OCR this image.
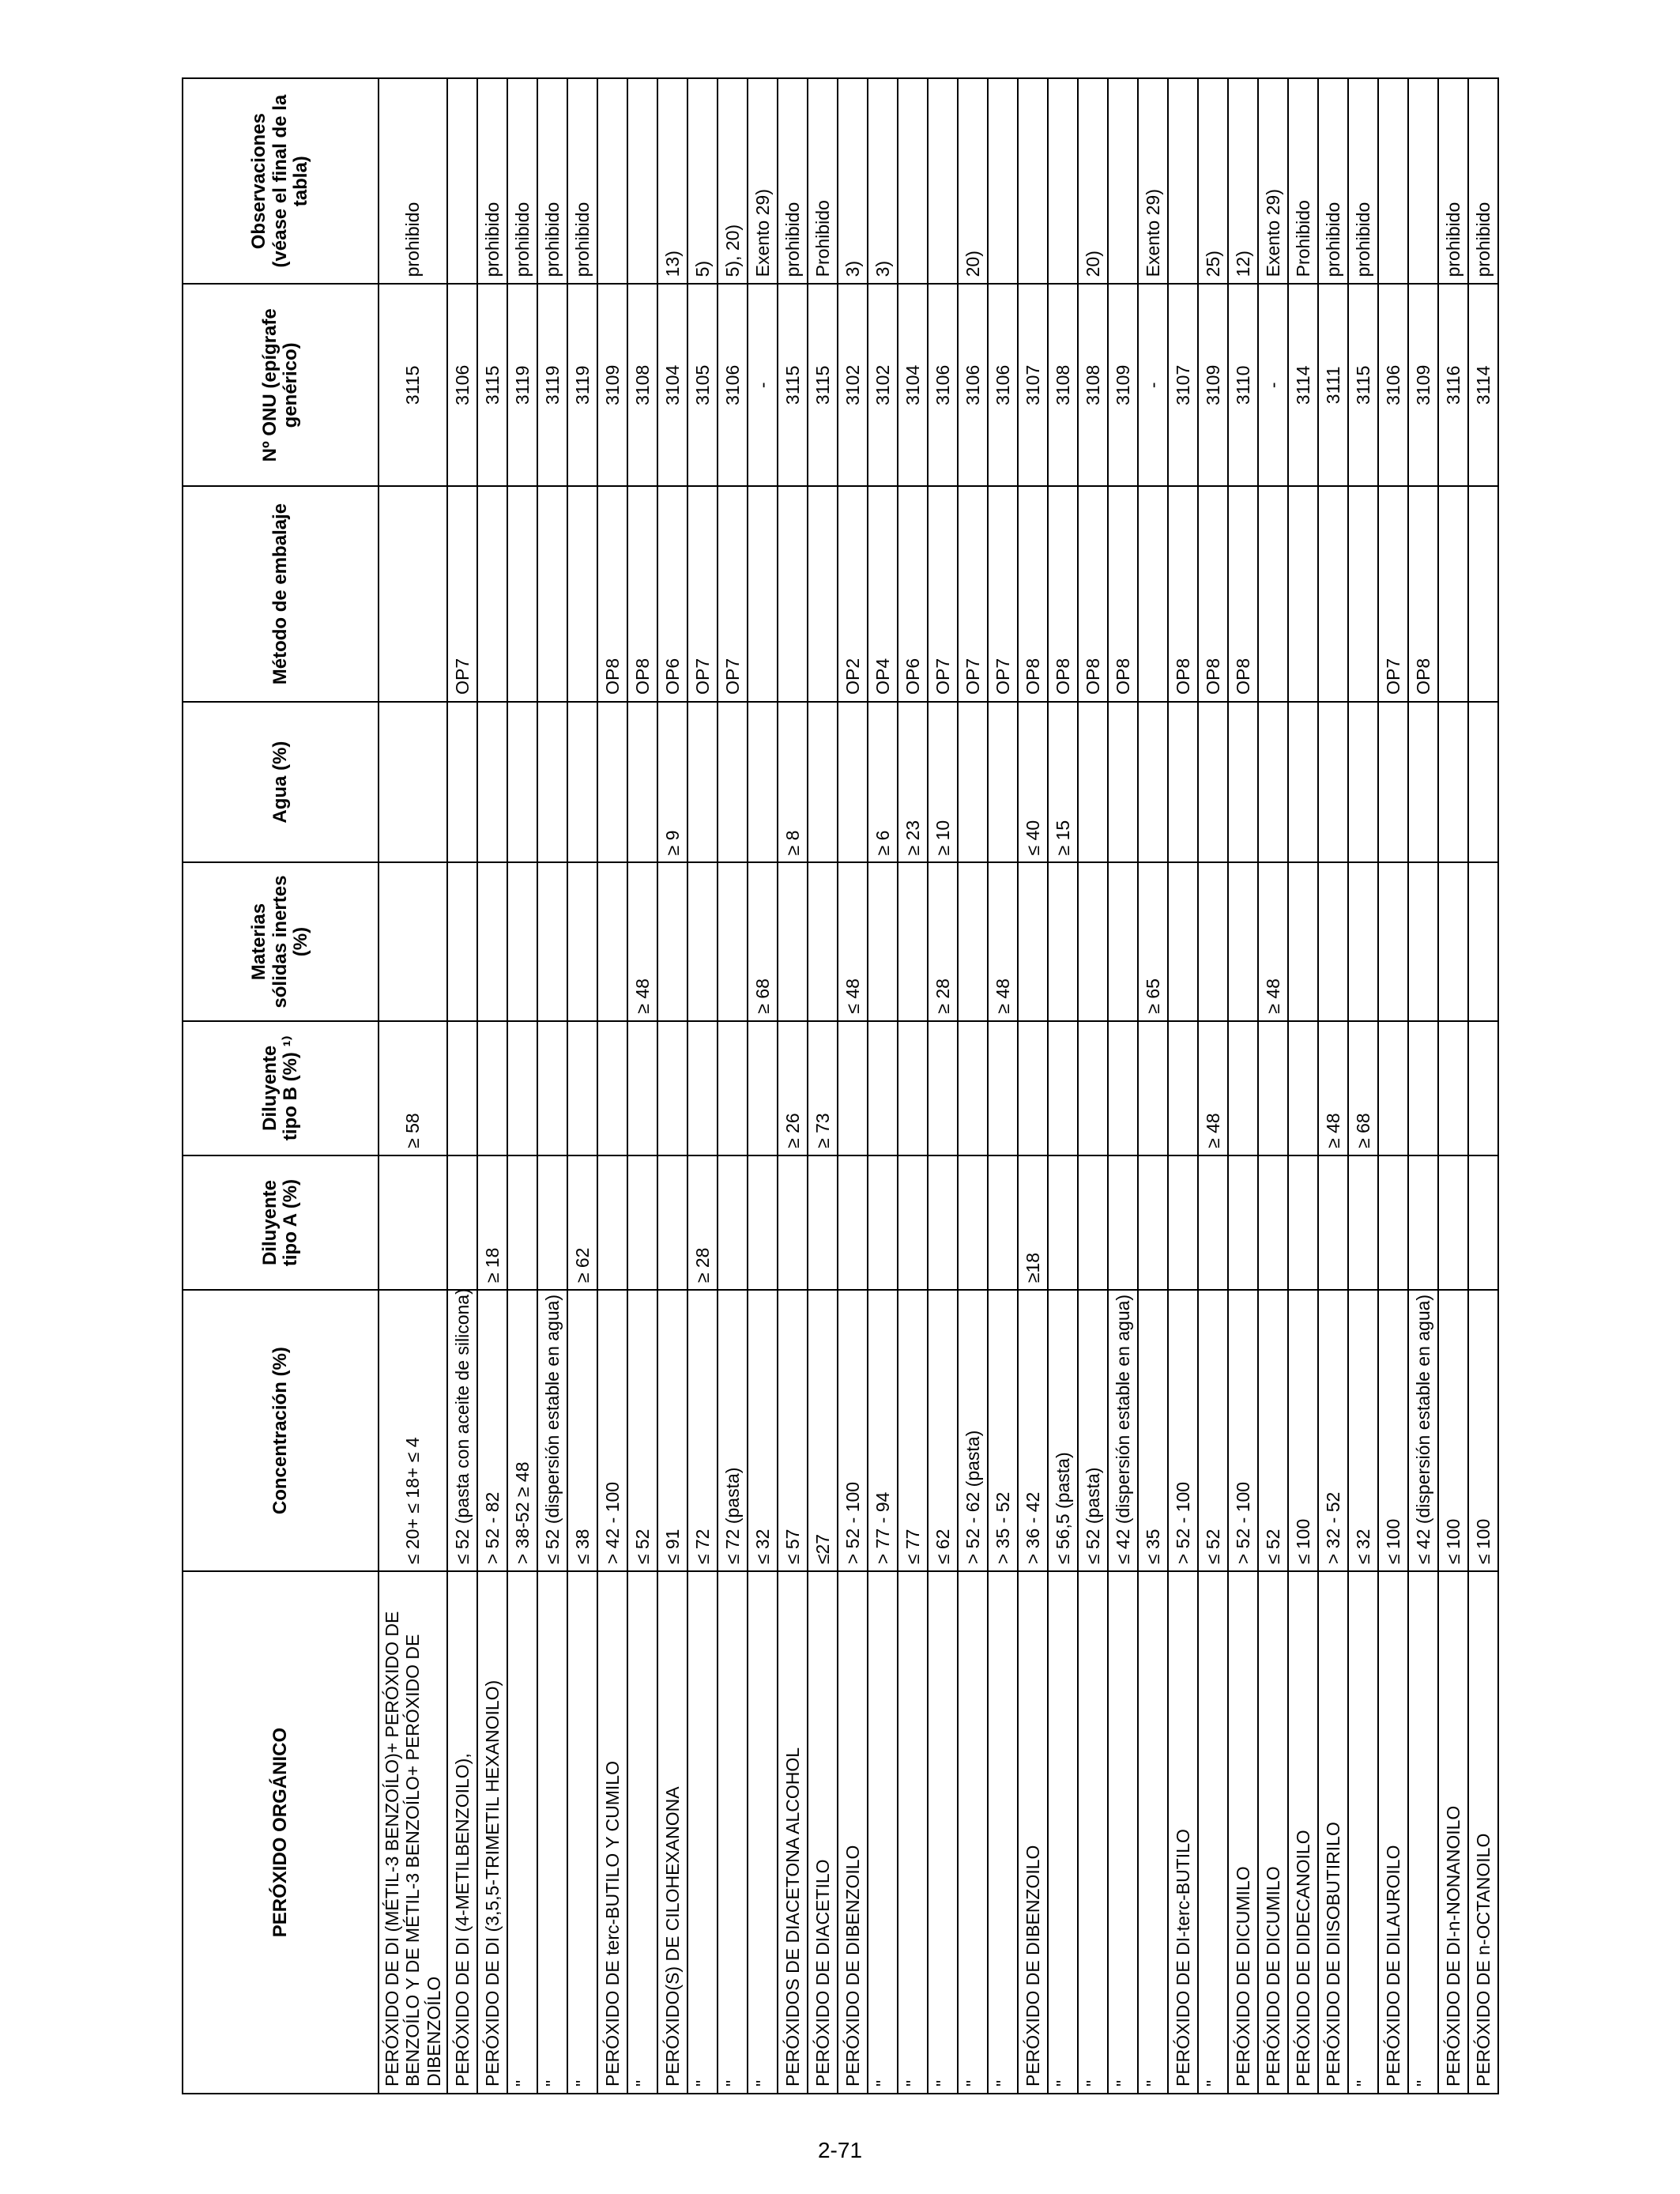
PERÓXIDO ORGÁNICO	Concentración (%)	Diluyente tipo A (%)	Diluyente tipo B (%) ¹⁾	Materias sólidas inertes (%)	Agua (%)	Método de embalaje	Nº ONU (epígrafe genérico)	Observaciones (véase el final de la tabla)
PERÓXIDO DE DI (MÉTIL-3 BENZOÍLO)+ PERÓXIDO DE BENZOÍLO Y DE MÉTIL-3 BENZOÍLO+ PERÓXIDO DE DIBENZOÍLO	≤ 20+ ≤ 18+ ≤ 4		≥ 58				3115	prohibido
PERÓXIDO DE DI (4-METILBENZOILO),	≤ 52 (pasta con aceite de silicona)					OP7	3106	
PERÓXIDO DE DI (3,5,5-TRIMETIL HEXANOILO)	> 52 - 82	≥ 18					3115	prohibido
"	> 38-52 ≥ 48						3119	prohibido
"	≤ 52 (dispersión estable en agua)						3119	prohibido
"	≤ 38	≥ 62					3119	prohibido
PERÓXIDO DE terc-BUTILO Y CUMILO	> 42 - 100					OP8	3109	
"	≤ 52			≥ 48		OP8	3108	
PERÓXIDO(S) DE CILOHEXANONA	≤ 91				≥ 9	OP6	3104	13)
"	≤ 72	≥ 28				OP7	3105	5)
"	≤ 72 (pasta)					OP7	3106	5), 20)
"	≤ 32			≥ 68			-	Exento 29)
PERÓXIDOS DE DIACETONA ALCOHOL	≤ 57		≥ 26		≥ 8		3115	prohibido
PERÓXIDO DE DIACETILO	≤27		≥ 73				3115	Prohibido
PERÓXIDO DE DIBENZOILO	> 52 - 100			≤ 48		OP2	3102	3)
"	> 77 - 94				≥ 6	OP4	3102	3)
"	≤ 77				≥ 23	OP6	3104	
"	≤ 62			≥ 28	≥ 10	OP7	3106	
"	> 52 - 62 (pasta)					OP7	3106	20)
"	> 35 - 52			≥ 48		OP7	3106	
PERÓXIDO DE DIBENZOILO	> 36 - 42	≥18			≤ 40	OP8	3107	
"	≤ 56,5 (pasta)				≥ 15	OP8	3108	
"	≤ 52 (pasta)					OP8	3108	20)
"	≤ 42 (dispersión estable en agua)					OP8	3109	
"	≤ 35			≥ 65			-	Exento 29)
PERÓXIDO DE DI-terc-BUTILO	> 52 - 100					OP8	3107	
"	≤ 52		≥ 48			OP8	3109	25)
PERÓXIDO DE DICUMILO	> 52 - 100					OP8	3110	12)
PERÓXIDO DE DICUMILO	≤ 52			≥ 48			-	Exento 29)
PERÓXIDO DE DIDECANOILO	≤ 100						3114	Prohibido
PERÓXIDO DE DIISOBUTIRILO	> 32 - 52		≥ 48				3111	prohibido
"	≤ 32		≥ 68				3115	prohibido
PERÓXIDO DE DILAUROILO	≤ 100					OP7	3106	
"	≤ 42 (dispersión estable en agua)					OP8	3109	
PERÓXIDO DE DI-n-NONANOILO	≤ 100						3116	prohibido
PERÓXIDO DE n-OCTANOILO	≤ 100						3114	prohibido
2-71
